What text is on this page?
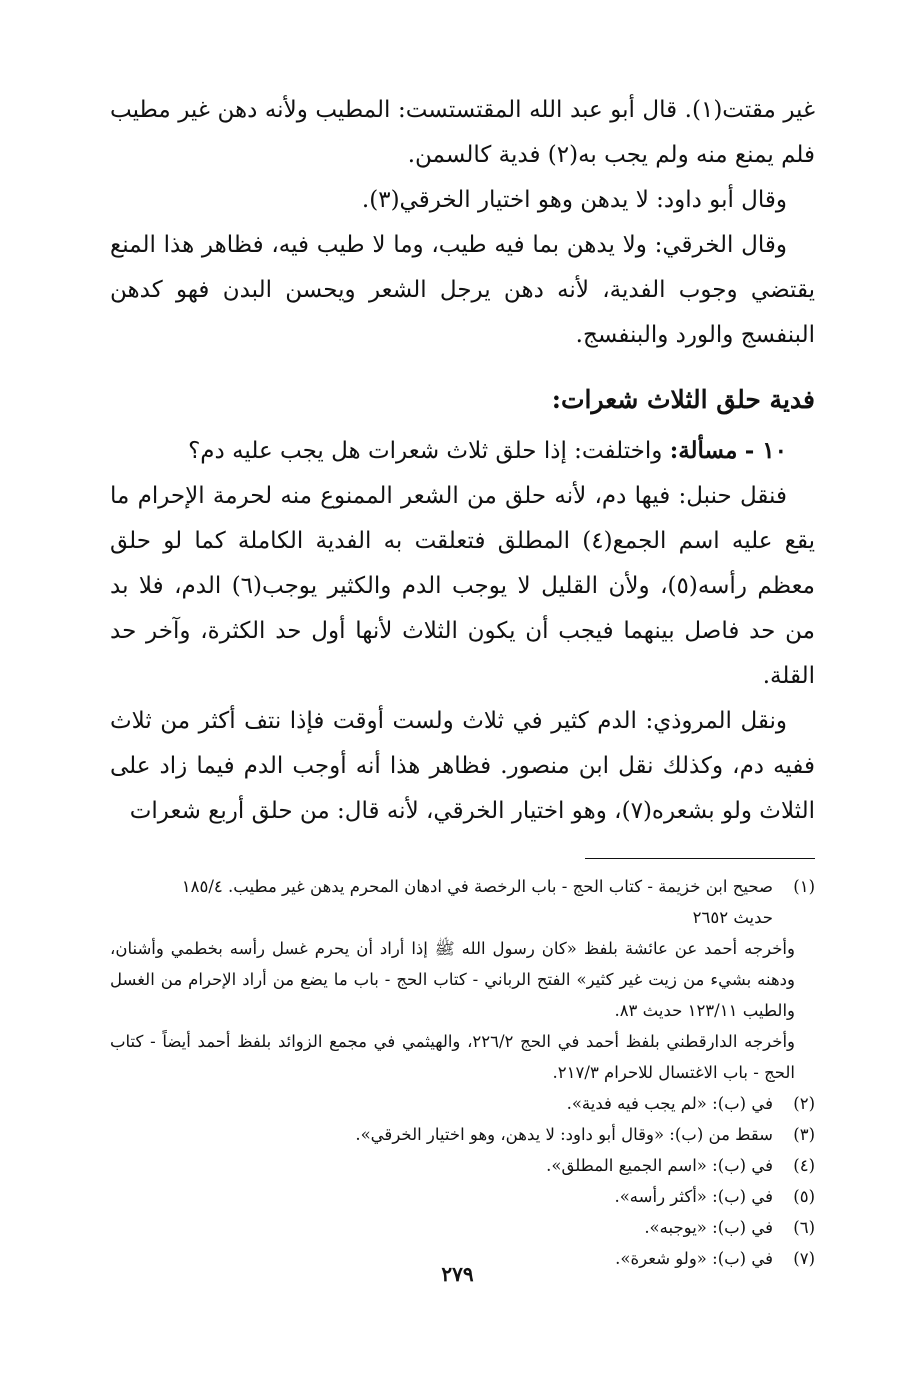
غير مقتت(١). قال أبو عبد الله المقتستست: المطيب ولأنه دهن غير مطيب فلم يمنع منه ولم يجب به(٢) فدية كالسمن.

وقال أبو داود: لا يدهن وهو اختيار الخرقي(٣).

وقال الخرقي: ولا يدهن بما فيه طيب، وما لا طيب فيه، فظاهر هذا المنع يقتضي وجوب الفدية، لأنه دهن يرجل الشعر ويحسن البدن فهو كدهن البنفسج والورد والبنفسج.

فدية حلق الثلاث شعرات:

١٠ - مسألة: واختلفت: إذا حلق ثلاث شعرات هل يجب عليه دم؟

فنقل حنبل: فيها دم، لأنه حلق من الشعر الممنوع منه لحرمة الإحرام ما يقع عليه اسم الجمع(٤) المطلق فتعلقت به الفدية الكاملة كما لو حلق معظم رأسه(٥)، ولأن القليل لا يوجب الدم والكثير يوجب(٦) الدم، فلا بد من حد فاصل بينهما فيجب أن يكون الثلاث لأنها أول حد الكثرة، وآخر حد القلة.

ونقل المروذي: الدم كثير في ثلاث ولست أوقت فإذا نتف أكثر من ثلاث ففيه دم، وكذلك نقل ابن منصور. فظاهر هذا أنه أوجب الدم فيما زاد على الثلاث ولو بشعره(٧)، وهو اختيار الخرقي، لأنه قال: من حلق أربع شعرات

(١)
صحيح ابن خزيمة - كتاب الحج - باب الرخصة في ادهان المحرم يدهن غير مطيب. ١٨٥/٤
حديث ٢٦٥٢
وأخرجه أحمد عن عائشة بلفظ «كان رسول الله ﷺ إذا أراد أن يحرم غسل رأسه بخطمي وأشنان، ودهنه بشيء من زيت غير كثير» الفتح الرباني - كتاب الحج - باب ما يضع من أراد الإحرام من الغسل والطيب ١٢٣/١١ حديث ٨٣.
وأخرجه الدارقطني بلفظ أحمد في الحج ٢٢٦/٢، والهيثمي في مجمع الزوائد بلفظ أحمد أيضاً - كتاب الحج - باب الاغتسال للاحرام ٢١٧/٣.
(٢)
في (ب): «لم يجب فيه فدية».
(٣)
سقط من (ب): «وقال أبو داود: لا يدهن، وهو اختيار الخرقي».
(٤)
في (ب): «اسم الجميع المطلق».
(٥)
في (ب): «أكثر رأسه».
(٦)
في (ب): «يوجبه».
(٧)
في (ب): «ولو شعرة».
٢٧٩
